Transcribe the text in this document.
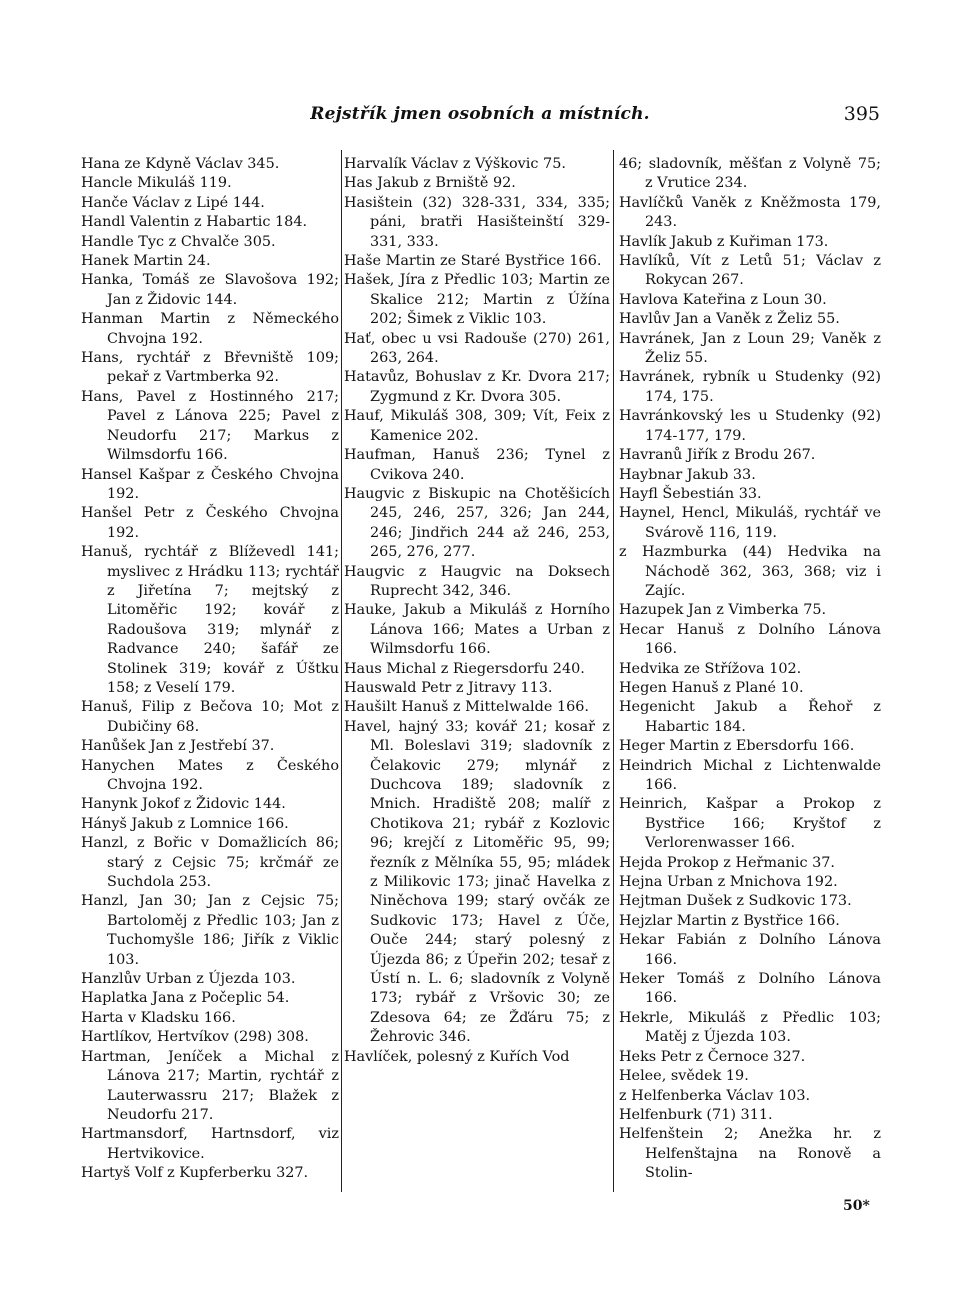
Rejstřík jmen osobních a místních.	395

Hana ze Kdyně Václav 345.

Hancle Mikuláš 119.

Hanče Václav z Lipé 144.

Handl Valentin z Habartic 184.

Handle Tyc z Chvalče 305.

Hanek Martin 24.

Hanka, Tomáš ze Slavošova 192; Jan z Židovic 144.

Hanman Martin z Německého Chvojna 192.

Hans, rychtář z Břevniště 109; pekař z Vartmberka 92.

Hans, Pavel z Hostinného 217; Pavel z Lánova 225; Pavel z Neudorfu 217; Markus z Wilmsdorfu 166.

Hansel Kašpar z Českého Chvojna 192.

Hanšel Petr z Českého Chvojna 192.

Hanuš, rychtář z Blíževedl 141; myslivec z Hrádku 113; rychtář z Jiřetína 7; mejtský z Litoměřic 192; kovář z Radoušova 319; mlynář z Radvance 240; šafář ze Stolinek 319; kovář z Úštku 158; z Veselí 179.

Hanuš, Filip z Bečova 10; Mot z Dubičiny 68.

Hanůšek Jan z Jestřebí 37.

Hanychen Mates z Českého Chvojna 192.

Hanynk Jokof z Židovic 144.

Hányš Jakub z Lomnice 166.

Hanzl, z Bořic v Domažlicích 86; starý z Cejsic 75; krčmář ze Suchdola 253.

Hanzl, Jan 30; Jan z Cejsic 75; Bartoloměj z Předlic 103; Jan z Tuchomyšle 186; Jiřík z Viklic 103.

Hanzlův Urban z Újezda 103.

Haplatka Jana z Počeplic 54.

Harta v Kladsku 166.

Hartlíkov, Hertvíkov (298) 308.

Hartman, Jeníček a Michal z Lánova 217; Martin, rychtář z Lauterwassru 217; Blažek z Neudorfu 217.

Hartmansdorf, Hartnsdorf, viz Hertvikovice.

Hartyš Volf z Kupferberku 327.

Harvalík Václav z Výškovic 75.

Has Jakub z Brniště 92.

Hasištein (32) 328-331, 334, 335; páni, bratři Hasišteinští 329-331, 333.

Haše Martin ze Staré Bystřice 166.

Hašek, Jíra z Předlic 103; Martin ze Skalice 212; Martin z Úžína 202; Šimek z Viklic 103.

Hať, obec u vsi Radouše (270) 261, 263, 264.

Hatavůz, Bohuslav z Kr. Dvora 217; Zygmund z Kr. Dvora 305.

Hauf, Mikuláš 308, 309; Vít, Feix z Kamenice 202.

Haufman, Hanuš 236; Tynel z Cvikova 240.

Haugvic z Biskupic na Chotěšicích 245, 246, 257, 326; Jan 244, 246; Jindřich 244 až 246, 253, 265, 276, 277.

Haugvic z Haugvic na Doksech Ruprecht 342, 346.

Hauke, Jakub a Mikuláš z Horního Lánova 166; Mates a Urban z Wilmsdorfu 166.

Haus Michal z Riegersdorfu 240.

Hauswald Petr z Jitravy 113.

Haušilt Hanuš z Mittelwalde 166.

Havel, hajný 33; kovář 21; kosař z Ml. Boleslavi 319; sladovník z Čelakovic 279; mlynář z Duchcova 189; sladovník z Mnich. Hradiště 208; malíř z Chotikova 21; rybář z Kozlovic 96; krejčí z Litoměřic 95, 99; řezník z Mělníka 55, 95; mládek z Milikovic 173; jinač Havelka z Niněchova 199; starý ovčák ze Sudkovic 173; Havel z Úče, Ouče 244; starý polesný z Újezda 86; z Úpeřin 202; tesař z Ústí n. L. 6; sladovník z Volyně 173; rybář z Vršovic 30; ze Zdesova 64; ze Žďáru 75; z Žehrovic 346.

Havlíček, polesný z Kuřích Vod

46; sladovník, měšťan z Volyně 75; z Vrutice 234.

Havlíčků Vaněk z Kněžmosta 179, 243.

Havlík Jakub z Kuřiman 173.

Havlíků, Vít z Letů 51; Václav z Rokycan 267.

Havlova Kateřina z Loun 30.

Havlův Jan a Vaněk z Želiz 55.

Havránek, Jan z Loun 29; Vaněk z Želiz 55.

Havránek, rybník u Studenky (92) 174, 175.

Havránkovský les u Studenky (92) 174-177, 179.

Havranů Jiřík z Brodu 267.

Haybnar Jakub 33.

Hayfl Šebestián 33.

Haynel, Hencl, Mikuláš, rychtář ve Svárově 116, 119.

z Hazmburka (44) Hedvika na Náchodě 362, 363, 368; viz i Zajíc.

Hazupek Jan z Vimberka 75.

Hecar Hanuš z Dolního Lánova 166.

Hedvika ze Střížova 102.

Hegen Hanuš z Plané 10.

Hegenicht Jakub a Řehoř z Habartic 184.

Heger Martin z Ebersdorfu 166.

Heindrich Michal z Lichtenwalde 166.

Heinrich, Kašpar a Prokop z Bystřice 166; Kryštof z Verlorenwasser 166.

Hejda Prokop z Heřmanic 37.

Hejna Urban z Mnichova 192.

Hejtman Dušek z Sudkovic 173.

Hejzlar Martin z Bystřice 166.

Hekar Fabián z Dolního Lánova 166.

Heker Tomáš z Dolního Lánova 166.

Hekrle, Mikuláš z Předlic 103; Matěj z Újezda 103.

Heks Petr z Černoce 327.

Helee, svědek 19.

z Helfenberka Václav 103.

Helfenburk (71) 311.

Helfenštein 2; Anežka hr. z Helfenštajna na Ronově a Stolin-

50*
